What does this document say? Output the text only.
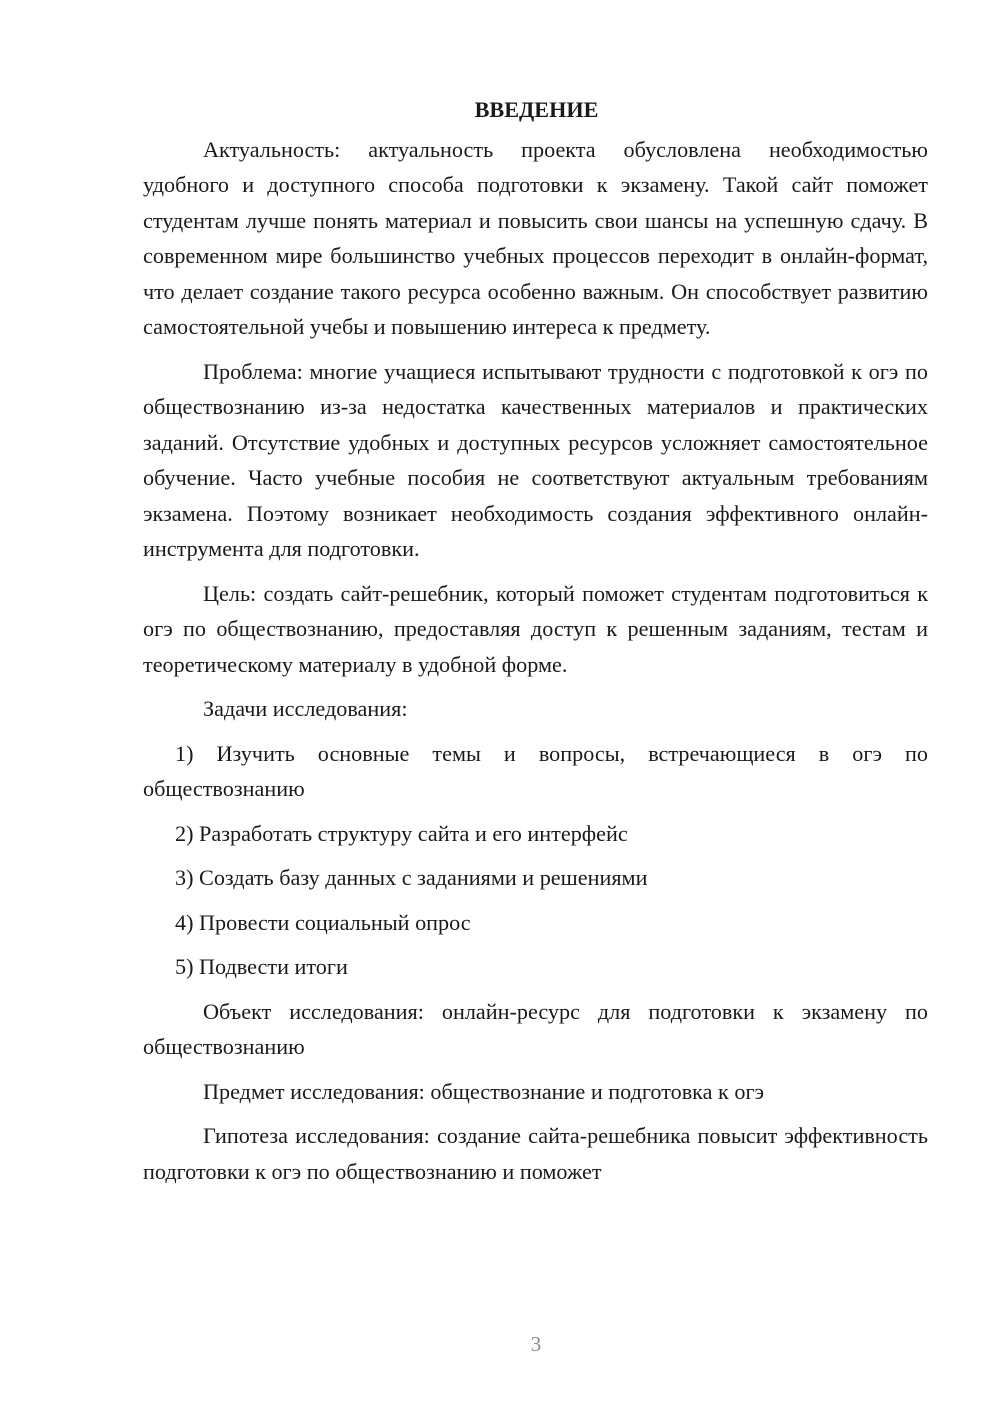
ВВЕДЕНИЕ

Актуальность: актуальность проекта обусловлена необходимостью удобного и доступного способа подготовки к экзамену. Такой сайт поможет студентам лучше понять материал и повысить свои шансы на успешную сдачу. В современном мире большинство учебных процессов переходит в онлайн-формат, что делает создание такого ресурса особенно важным. Он способствует развитию самостоятельной учебы и повышению интереса к предмету.

Проблема: многие учащиеся испытывают трудности с подготовкой к огэ по обществознанию из-за недостатка качественных материалов и практических заданий. Отсутствие удобных и доступных ресурсов усложняет самостоятельное обучение. Часто учебные пособия не соответствуют актуальным требованиям экзамена. Поэтому возникает необходимость создания эффективного онлайн-инструмента для подготовки.

Цель: создать сайт-решебник, который поможет студентам подготовиться к огэ по обществознанию, предоставляя доступ к решенным заданиям, тестам и теоретическому материалу в удобной форме.

Задачи исследования:

1) Изучить основные темы и вопросы, встречающиеся в огэ по обществознанию

2) Разработать структуру сайта и его интерфейс

3) Создать базу данных с заданиями и решениями

4) Провести социальный опрос

5) Подвести итоги

Объект исследования: онлайн-ресурс для подготовки к экзамену по обществознанию

Предмет исследования: обществознание и подготовка к огэ

Гипотеза исследования: создание сайта-решебника повысит эффективность подготовки к огэ по обществознанию и поможет

3
